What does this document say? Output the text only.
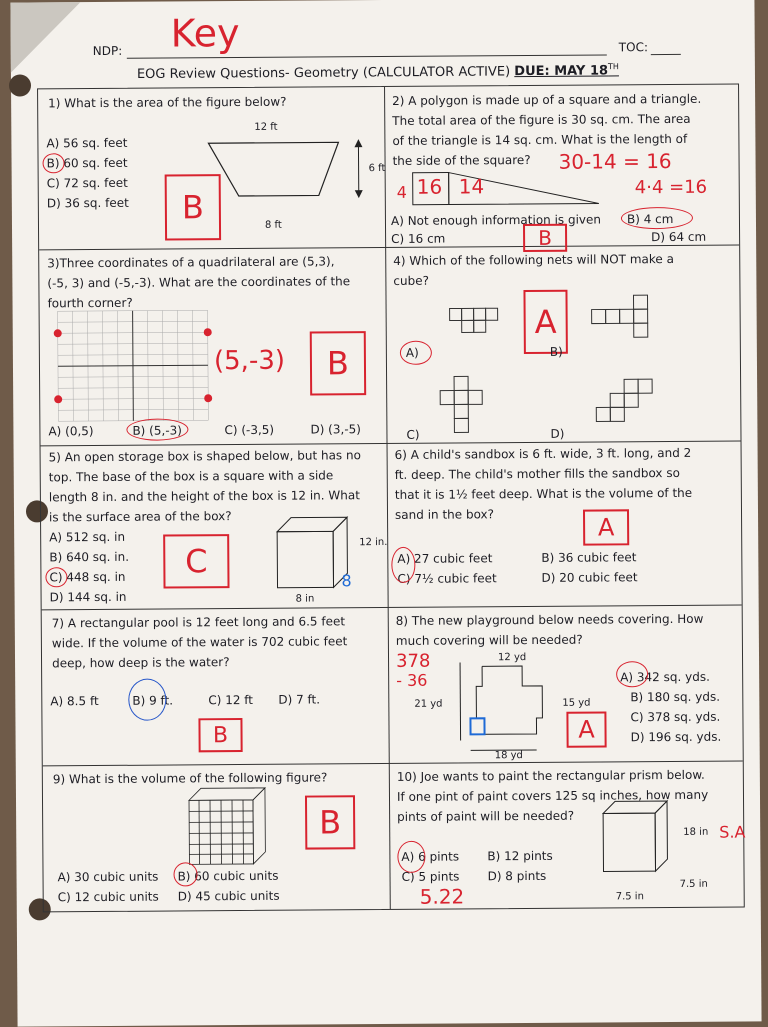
NDP: Key	TOC:
EOG Review Questions- Geometry (CALCULATOR ACTIVE) DUE: MAY 18TH
1) What is the area of the figure below?
A) 56 sq. feet
B) 60 sq. feet
C) 72 sq. feet
D) 36 sq. feet
12 ft
6 ft
8 ft
B
2) A polygon is made up of a square and a triangle.
The total area of the figure is 30 sq. cm. The area
of the triangle is 14 sq. cm. What is the length of
the side of the square?
4 16 14
30-14 = 16
4·4 =16
A) Not enough information is given B) 4 cm
C) 16 cm	D) 64 cm
B
3)Three coordinates of a quadrilateral are (5,3),
(-5, 3) and (-5,-3). What are the coordinates of the
fourth corner?
(5,-3)	B
A) (0,5)	B) (5,-3)	C) (-3,5)	D) (3,-5)
4) Which of the following nets will NOT make a
cube?
A
A)	B)
C)	D)
5) An open storage box is shaped below, but has no
top. The base of the box is a square with a side
length 8 in. and the height of the box is 12 in. What
is the surface area of the box?
A) 512 sq. in
B) 640 sq. in.
C) 448 sq. in
D) 144 sq. in
C	12 in.
8
8 in
6) A child's sandbox is 6 ft. wide, 3 ft. long, and 2
ft. deep. The child's mother fills the sandbox so
that it is 1½ feet deep. What is the volume of the
sand in the box?	A
A) 27 cubic feet	B) 36 cubic feet
C) 7½ cubic feet	D) 20 cubic feet
7) A rectangular pool is 12 feet long and 6.5 feet
wide. If the volume of the water is 702 cubic feet
deep, how deep is the water?
A) 8.5 ft	B) 9 ft.	C) 12 ft D) 7 ft.
B
8) The new playground below needs covering. How
much covering will be needed?
378
- 36
12 yd
21 yd	15 yd
18 yd
A
A) 342 sq. yds.
B) 180 sq. yds.
C) 378 sq. yds.
D) 196 sq. yds.
9) What is the volume of the following figure?
B
A) 30 cubic units B) 60 cubic units
C) 12 cubic units D) 45 cubic units
10) Joe wants to paint the rectangular prism below.
If one pint of paint covers 125 sq inches, how many
pints of paint will be needed?
18 in
7.5 in
7.5 in
S.A
A) 6 pints B) 12 pints
C) 5 pints D) 8 pints
5.22
